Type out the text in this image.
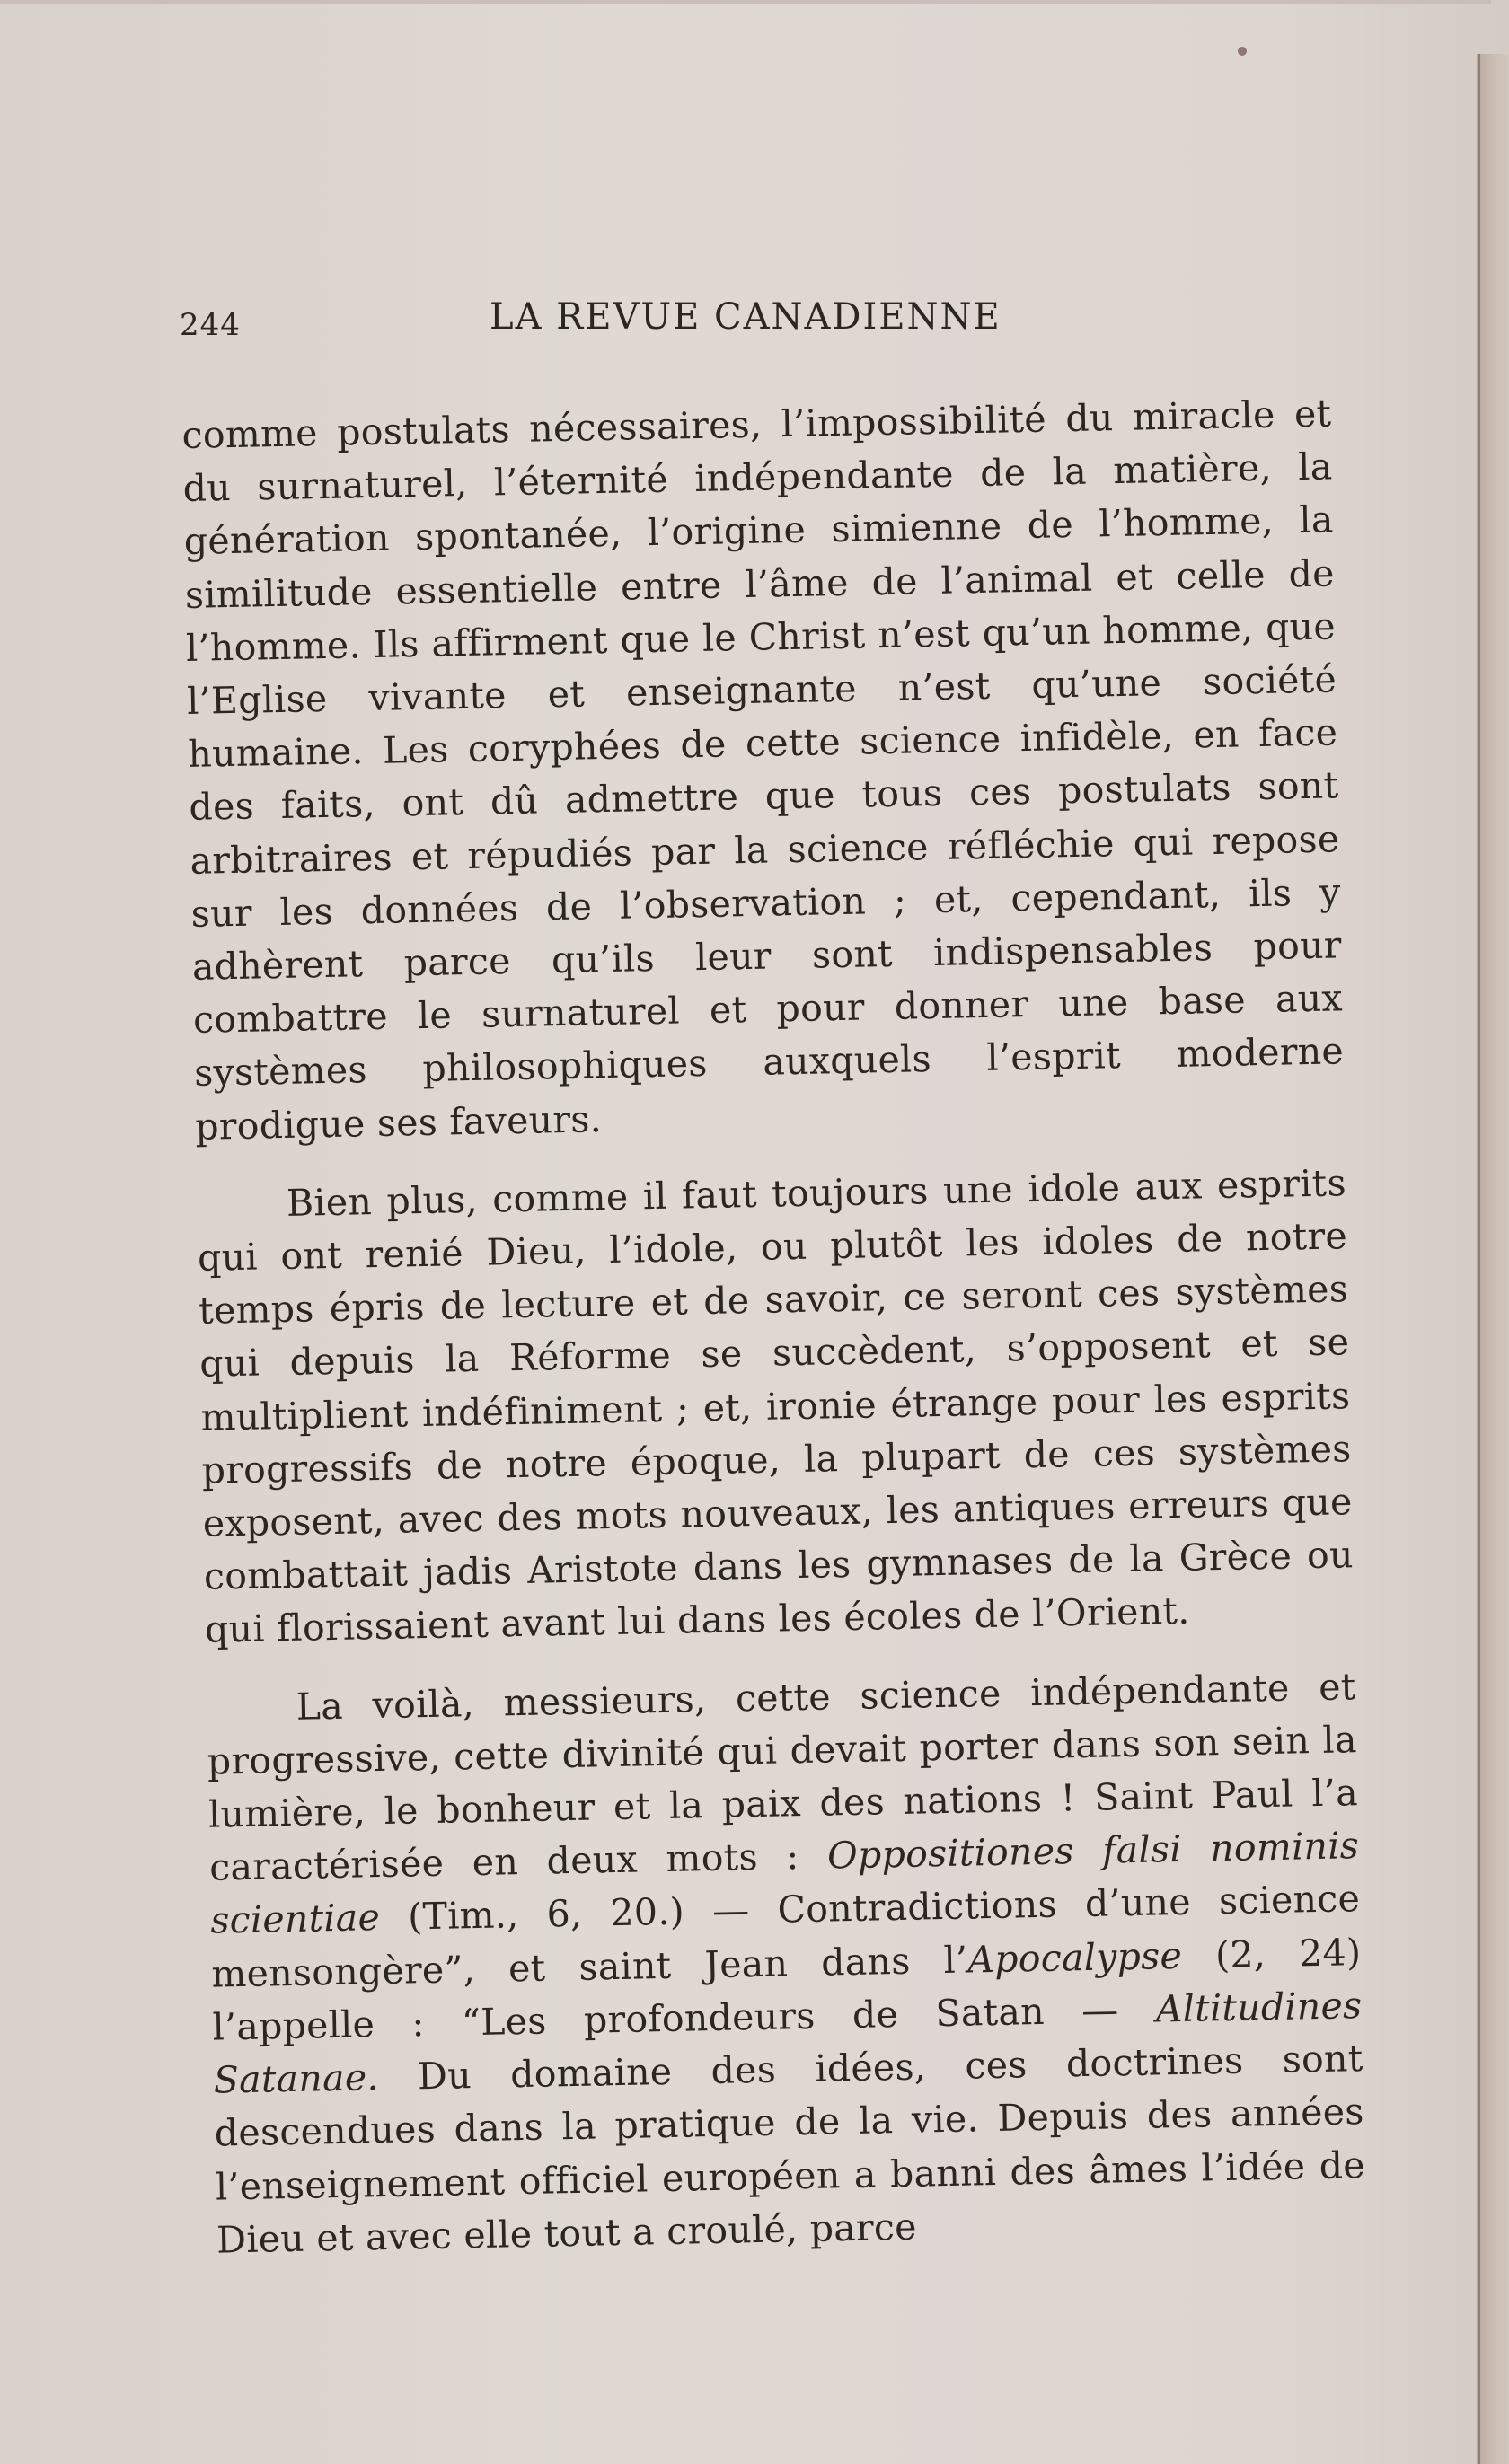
244	LA REVUE CANADIENNE

comme postulats nécessaires, l’impossibilité du miracle et du surnaturel, l’éternité indépendante de la matière, la génération spontanée, l’origine simienne de l’homme, la similitude essentielle entre l’âme de l’animal et celle de l’homme. Ils affirment que le Christ n’est qu’un homme, que l’Eglise vivante et enseignante n’est qu’une société humaine. Les coryphées de cette science infidèle, en face des faits, ont dû admettre que tous ces postulats sont arbitraires et répudiés par la science réfléchie qui repose sur les données de l’observation ; et, cependant, ils y adhèrent parce qu’ils leur sont indispensables pour combattre le surnaturel et pour donner une base aux systèmes philosophiques auxquels l’esprit moderne prodigue ses faveurs.

Bien plus, comme il faut toujours une idole aux esprits qui ont renié Dieu, l’idole, ou plutôt les idoles de notre temps épris de lecture et de savoir, ce seront ces systèmes qui depuis la Réforme se succèdent, s’opposent et se multiplient indéfiniment ; et, ironie étrange pour les esprits progressifs de notre époque, la plupart de ces systèmes exposent, avec des mots nouveaux, les antiques erreurs que combattait jadis Aristote dans les gymnases de la Grèce ou qui florissaient avant lui dans les écoles de l’Orient.

La voilà, messieurs, cette science indépendante et progressive, cette divinité qui devait porter dans son sein la lumière, le bonheur et la paix des nations ! Saint Paul l’a caractérisée en deux mots : Oppositiones falsi nominis scientiae (Tim., 6, 20.) — Contradictions d’une science mensongère”, et saint Jean dans l’Apocalypse (2, 24) l’appelle : “Les profondeurs de Satan — Altitudines Satanae. Du domaine des idées, ces doctrines sont descendues dans la pratique de la vie. Depuis des années l’enseignement officiel européen a banni des âmes l’idée de Dieu et avec elle tout a croulé, parce
